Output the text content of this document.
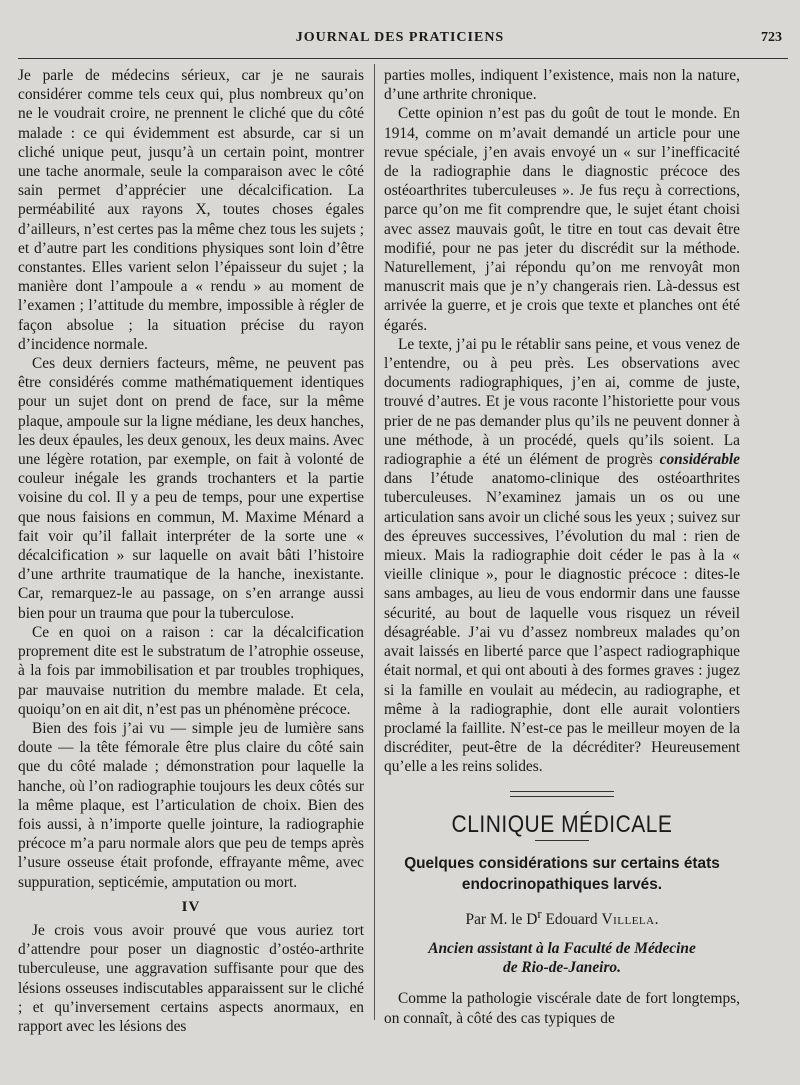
JOURNAL DES PRATICIENS	723

Je parle de médecins sérieux, car je ne saurais considérer comme tels ceux qui, plus nombreux qu’on ne le voudrait croire, ne prennent le cliché que du côté malade : ce qui évidemment est absurde, car si un cliché unique peut, jusqu’à un certain point, montrer une tache anormale, seule la comparaison avec le côté sain permet d’apprécier une décalcification. La perméabilité aux rayons X, toutes choses égales d’ailleurs, n’est certes pas la même chez tous les sujets ; et d’autre part les conditions physiques sont loin d’être constantes. Elles varient selon l’épaisseur du sujet ; la manière dont l’ampoule a « rendu » au moment de l’examen ; l’attitude du membre, impossible à régler de façon absolue ; la situation précise du rayon d’incidence normale.

Ces deux derniers facteurs, même, ne peuvent pas être considérés comme mathématiquement identiques pour un sujet dont on prend de face, sur la même plaque, ampoule sur la ligne médiane, les deux hanches, les deux épaules, les deux genoux, les deux mains. Avec une légère rotation, par exemple, on fait à volonté de couleur inégale les grands trochanters et la partie voisine du col. Il y a peu de temps, pour une expertise que nous faisions en commun, M. Maxime Ménard a fait voir qu’il fallait interpréter de la sorte une « décalcification » sur laquelle on avait bâti l’histoire d’une arthrite traumatique de la hanche, inexistante. Car, remarquez-le au passage, on s’en arrange aussi bien pour un trauma que pour la tuberculose.

Ce en quoi on a raison : car la décalcification proprement dite est le substratum de l’atrophie osseuse, à la fois par immobilisation et par troubles trophiques, par mauvaise nutrition du membre malade. Et cela, quoiqu’on en ait dit, n’est pas un phénomène précoce.

Bien des fois j’ai vu — simple jeu de lumière sans doute — la tête fémorale être plus claire du côté sain que du côté malade ; démonstration pour laquelle la hanche, où l’on radiographie toujours les deux côtés sur la même plaque, est l’articulation de choix. Bien des fois aussi, à n’importe quelle jointure, la radiographie précoce m’a paru normale alors que peu de temps après l’usure osseuse était profonde, effrayante même, avec suppuration, septicémie, amputation ou mort.

IV

Je crois vous avoir prouvé que vous auriez tort d’attendre pour poser un diagnostic d’ostéo-arthrite tuberculeuse, une aggravation suffisante pour que des lésions osseuses indiscutables apparaissent sur le cliché ; et qu’inversement certains aspects anormaux, en rapport avec les lésions des

parties molles, indiquent l’existence, mais non la nature, d’une arthrite chronique.

Cette opinion n’est pas du goût de tout le monde. En 1914, comme on m’avait demandé un article pour une revue spéciale, j’en avais envoyé un « sur l’inefficacité de la radiographie dans le diagnostic précoce des ostéoarthrites tuberculeuses ». Je fus reçu à corrections, parce qu’on me fit comprendre que, le sujet étant choisi avec assez mauvais goût, le titre en tout cas devait être modifié, pour ne pas jeter du discrédit sur la méthode. Naturellement, j’ai répondu qu’on me renvoyât mon manuscrit mais que je n’y changerais rien. Là-dessus est arrivée la guerre, et je crois que texte et planches ont été égarés.

Le texte, j’ai pu le rétablir sans peine, et vous venez de l’entendre, ou à peu près. Les observations avec documents radiographiques, j’en ai, comme de juste, trouvé d’autres. Et je vous raconte l’historiette pour vous prier de ne pas demander plus qu’ils ne peuvent donner à une méthode, à un procédé, quels qu’ils soient. La radiographie a été un élément de progrès considérable dans l’étude anatomo-clinique des ostéoarthrites tuberculeuses. N’examinez jamais un os ou une articulation sans avoir un cliché sous les yeux ; suivez sur des épreuves successives, l’évolution du mal : rien de mieux. Mais la radiographie doit céder le pas à la « vieille clinique », pour le diagnostic précoce : dites-le sans ambages, au lieu de vous endormir dans une fausse sécurité, au bout de laquelle vous risquez un réveil désagréable. J’ai vu d’assez nombreux malades qu’on avait laissés en liberté parce que l’aspect radiographique était normal, et qui ont abouti à des formes graves : jugez si la famille en voulait au médecin, au radiographe, et même à la radiographie, dont elle aurait volontiers proclamé la faillite. N’est-ce pas le meilleur moyen de la discréditer, peut-être de la décréditer? Heureusement qu’elle a les reins solides.

CLINIQUE MÉDICALE
Quelques considérations sur certains états endocrinopathiques larvés.
Par M. le $D^r$ Edouard Villela.
Ancien assistant à la Faculté de Médecine
de Rio-de-Janeiro.

Comme la pathologie viscérale date de fort longtemps, on connaît, à côté des cas typiques de
